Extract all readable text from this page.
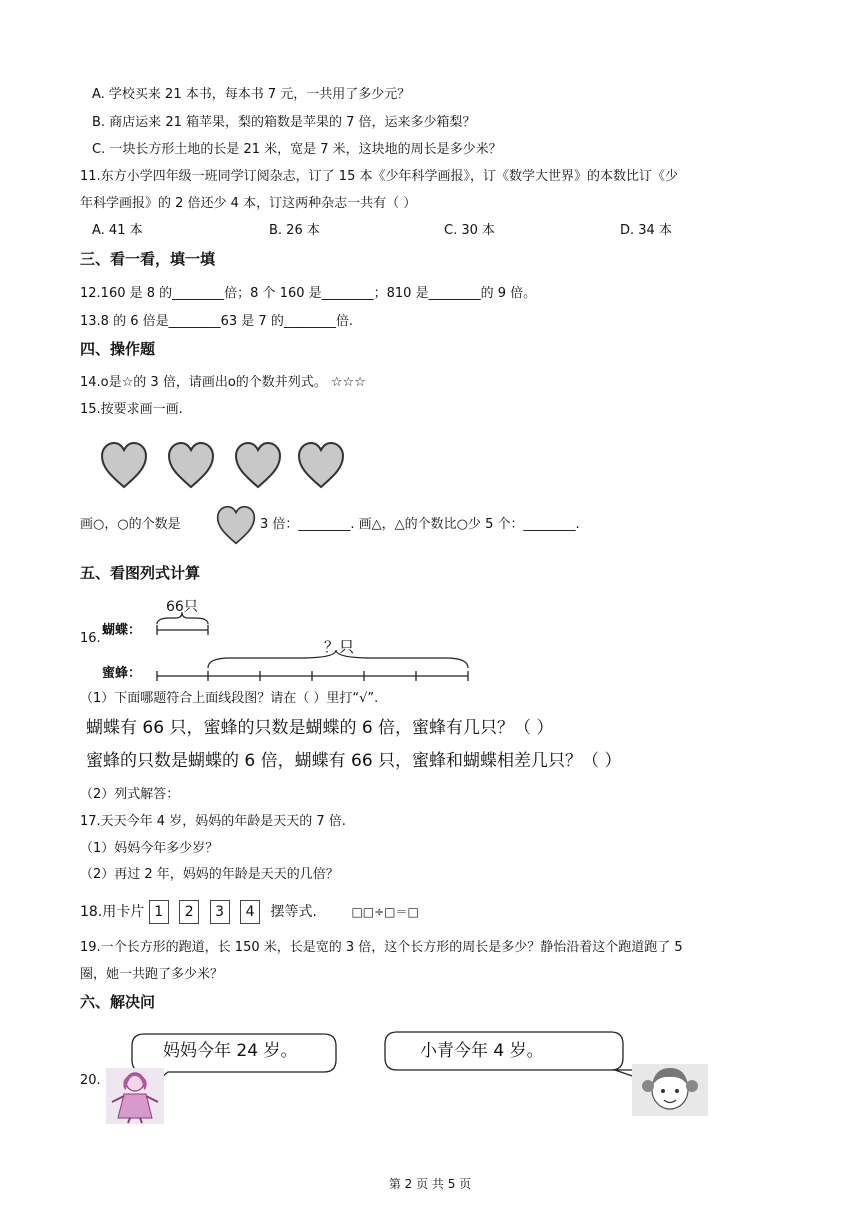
A. 学校买来 21 本书，每本书 7 元，一共用了多少元？
B. 商店运来 21 箱苹果，梨的箱数是苹果的 7 倍，运来多少箱梨？
C. 一块长方形土地的长是 21 米，宽是 7 米，这块地的周长是多少米？
11.东方小学四年级一班同学订阅杂志，订了 15 本《少年科学画报》，订《数学大世界》的本数比订《少
年科学画报》的 2 倍还少 4 本，订这两种杂志一共有（ ）
A. 41 本	B. 26 本	C. 30 本	D. 34 本
三、看一看，填一填
12.160 是 8 的________倍；8 个 160 是________；810 是________的 9 倍。
13.8 的 6 倍是________63 是 7 的________倍.
四、操作题
14.o是☆的 3 倍，请画出o的个数并列式。 ☆☆☆
15.按要求画一画.
画○，○的个数是	3 倍：________. 画△，△的个数比○少 5 个：________.
五、看图列式计算
16.
蝴蝶：
蜜蜂：
66只
？只
（1）下面哪题符合上面线段图？请在（ ）里打“√”.
蝴蝶有 66 只，蜜蜂的只数是蝴蝶的 6 倍，蜜蜂有几只？（ ）
蜜蜂的只数是蝴蝶的 6 倍，蝴蝶有 66 只，蜜蜂和蝴蝶相差几只？（ ）
（2）列式解答：
17.天天今年 4 岁，妈妈的年龄是天天的 7 倍.
（1）妈妈今年多少岁？
（2）再过 2 年，妈妈的年龄是天天的几倍？
18.用卡片 1 2 3 4 摆等式.	□□÷□＝□
19.一个长方形的跑道，长 150 米，长是宽的 3 倍，这个长方形的周长是多少？静怡沿着这个跑道跑了 5
圈，她一共跑了多少米？
六、解决问
20.
妈妈今年 24 岁。	小青今年 4 岁。
第 2 页 共 5 页
